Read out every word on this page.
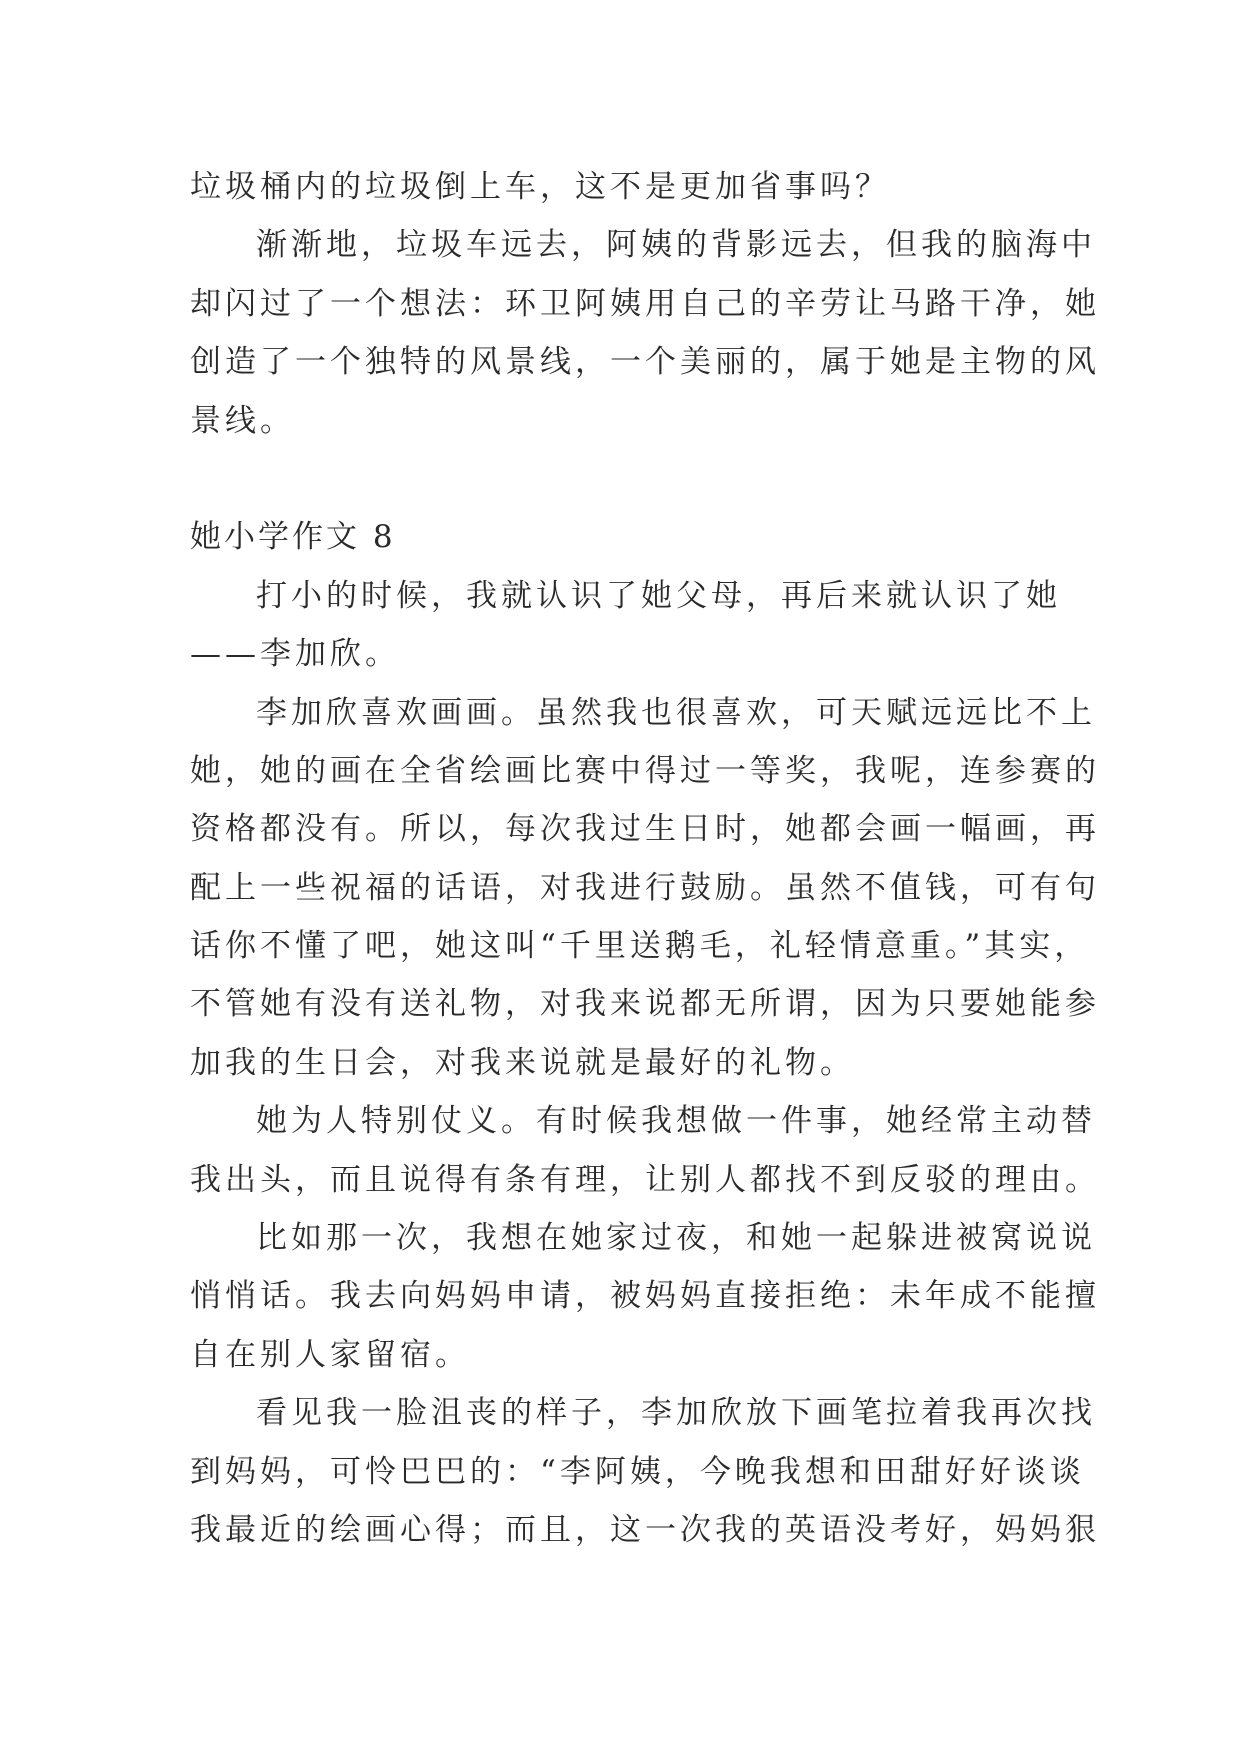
垃圾桶内的垃圾倒上车，这不是更加省事吗？
渐渐地，垃圾车远去，阿姨的背影远去，但我的脑海中
却闪过了一个想法：环卫阿姨用自己的辛劳让马路干净，她
创造了一个独特的风景线，一个美丽的，属于她是主物的风
景线。
她小学作文 8
打小的时候，我就认识了她父母，再后来就认识了她
——李加欣。
李加欣喜欢画画。虽然我也很喜欢，可天赋远远比不上
她，她的画在全省绘画比赛中得过一等奖，我呢，连参赛的
资格都没有。所以，每次我过生日时，她都会画一幅画，再
配上一些祝福的话语，对我进行鼓励。虽然不值钱，可有句
话你不懂了吧，她这叫“千里送鹅毛，礼轻情意重。”其实，
不管她有没有送礼物，对我来说都无所谓，因为只要她能参
加我的生日会，对我来说就是最好的礼物。
她为人特别仗义。有时候我想做一件事，她经常主动替
我出头，而且说得有条有理，让别人都找不到反驳的理由。
比如那一次，我想在她家过夜，和她一起躲进被窝说说
悄悄话。我去向妈妈申请，被妈妈直接拒绝：未年成不能擅
自在别人家留宿。
看见我一脸沮丧的样子，李加欣放下画笔拉着我再次找
到妈妈，可怜巴巴的：“李阿姨，今晚我想和田甜好好谈谈
我最近的绘画心得；而且，这一次我的英语没考好，妈妈狠
